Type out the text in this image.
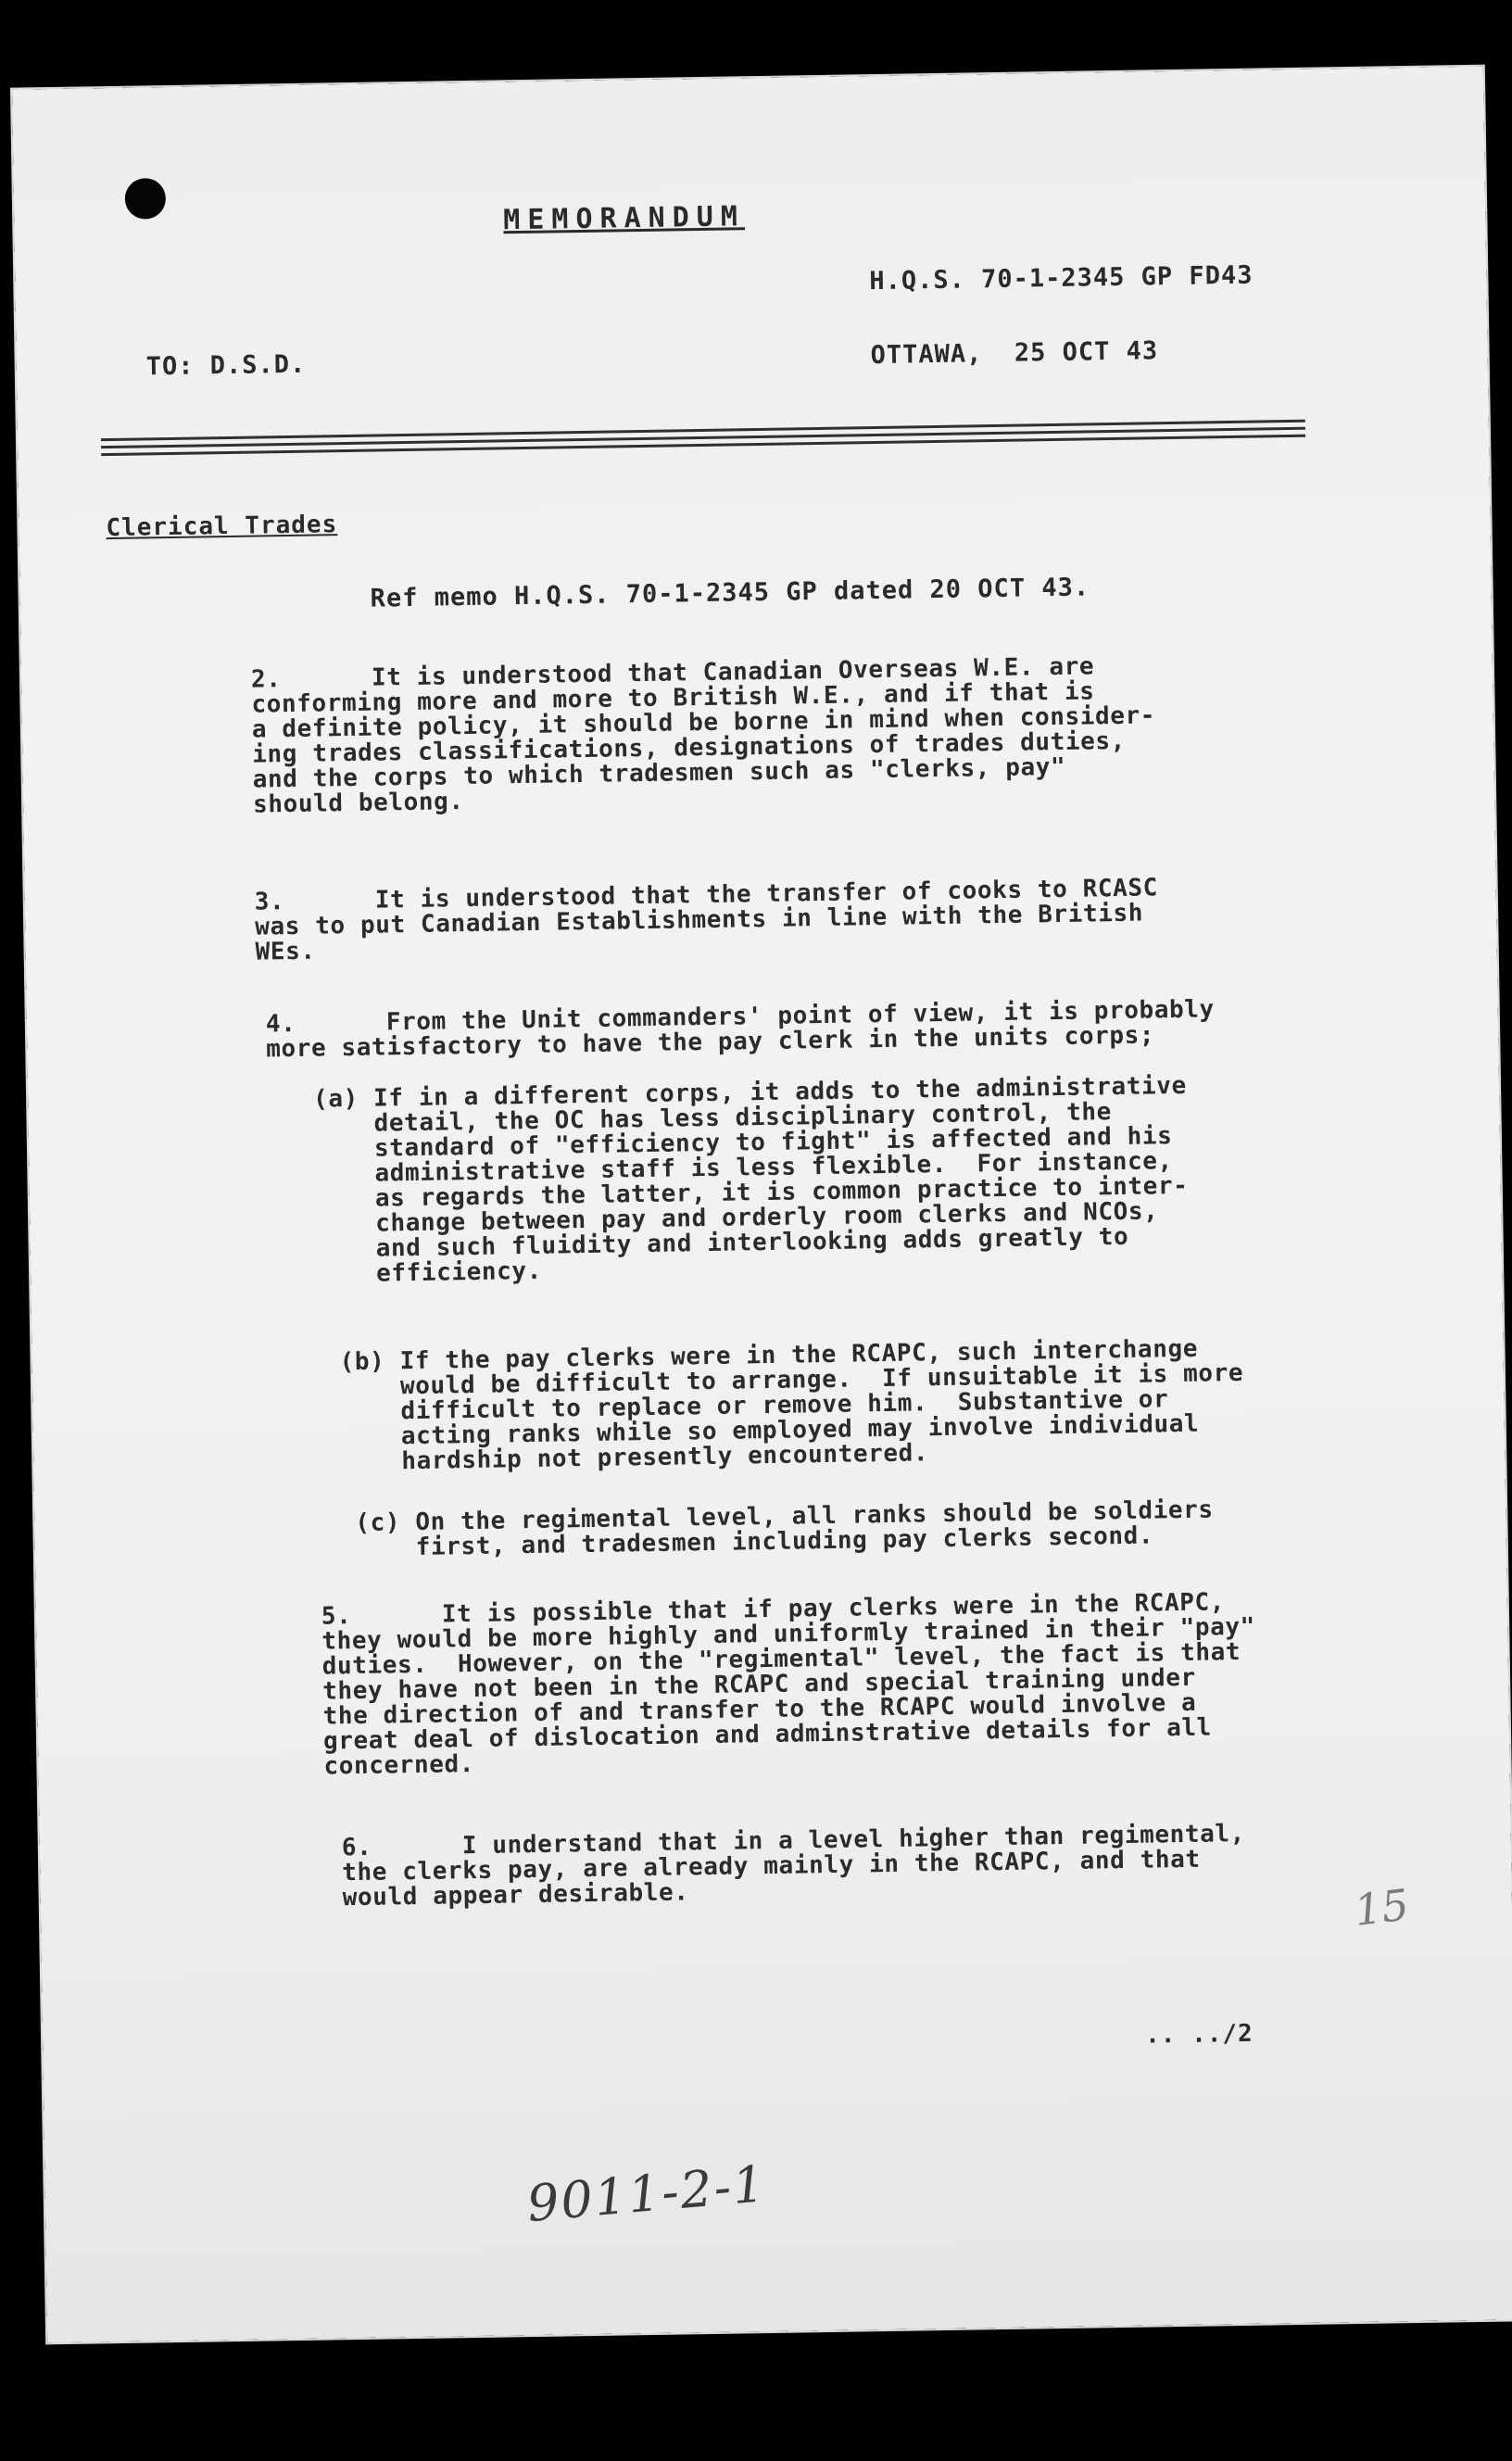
MEMORANDUM
H.Q.S. 70-1-2345 GP FD43
TO: D.S.D.	OTTAWA,  25 OCT 43
Clerical Trades
Ref memo H.Q.S. 70-1-2345 GP dated 20 OCT 43.
2.      It is understood that Canadian Overseas W.E. are
conforming more and more to British W.E., and if that is
a definite policy, it should be borne in mind when consider-
ing trades classifications, designations of trades duties,
and the corps to which tradesmen such as "clerks, pay"
should belong.
3.      It is understood that the transfer of cooks to RCASC
was to put Canadian Establishments in line with the British
WEs.
4.      From the Unit commanders' point of view, it is probably
more satisfactory to have the pay clerk in the units corps;
(a) If in a different corps, it adds to the administrative
detail, the OC has less disciplinary control, the
standard of "efficiency to fight" is affected and his
administrative staff is less flexible.  For instance,
as regards the latter, it is common practice to inter-
change between pay and orderly room clerks and NCOs,
and such fluidity and interlooking adds greatly to
efficiency.
(b) If the pay clerks were in the RCAPC, such interchange
would be difficult to arrange.  If unsuitable it is more
difficult to replace or remove him.  Substantive or
acting ranks while so employed may involve individual
hardship not presently encountered.
(c) On the regimental level, all ranks should be soldiers
first, and tradesmen including pay clerks second.
5.      It is possible that if pay clerks were in the RCAPC,
they would be more highly and uniformly trained in their "pay"
duties.  However, on the "regimental" level, the fact is that
they have not been in the RCAPC and special training under
the direction of and transfer to the RCAPC would involve a
great deal of dislocation and adminstrative details for all
concerned.
6.      I understand that in a level higher than regimental,
the clerks pay, are already mainly in the RCAPC, and that
would appear desirable.
.. ../2
15
9011-2-1
